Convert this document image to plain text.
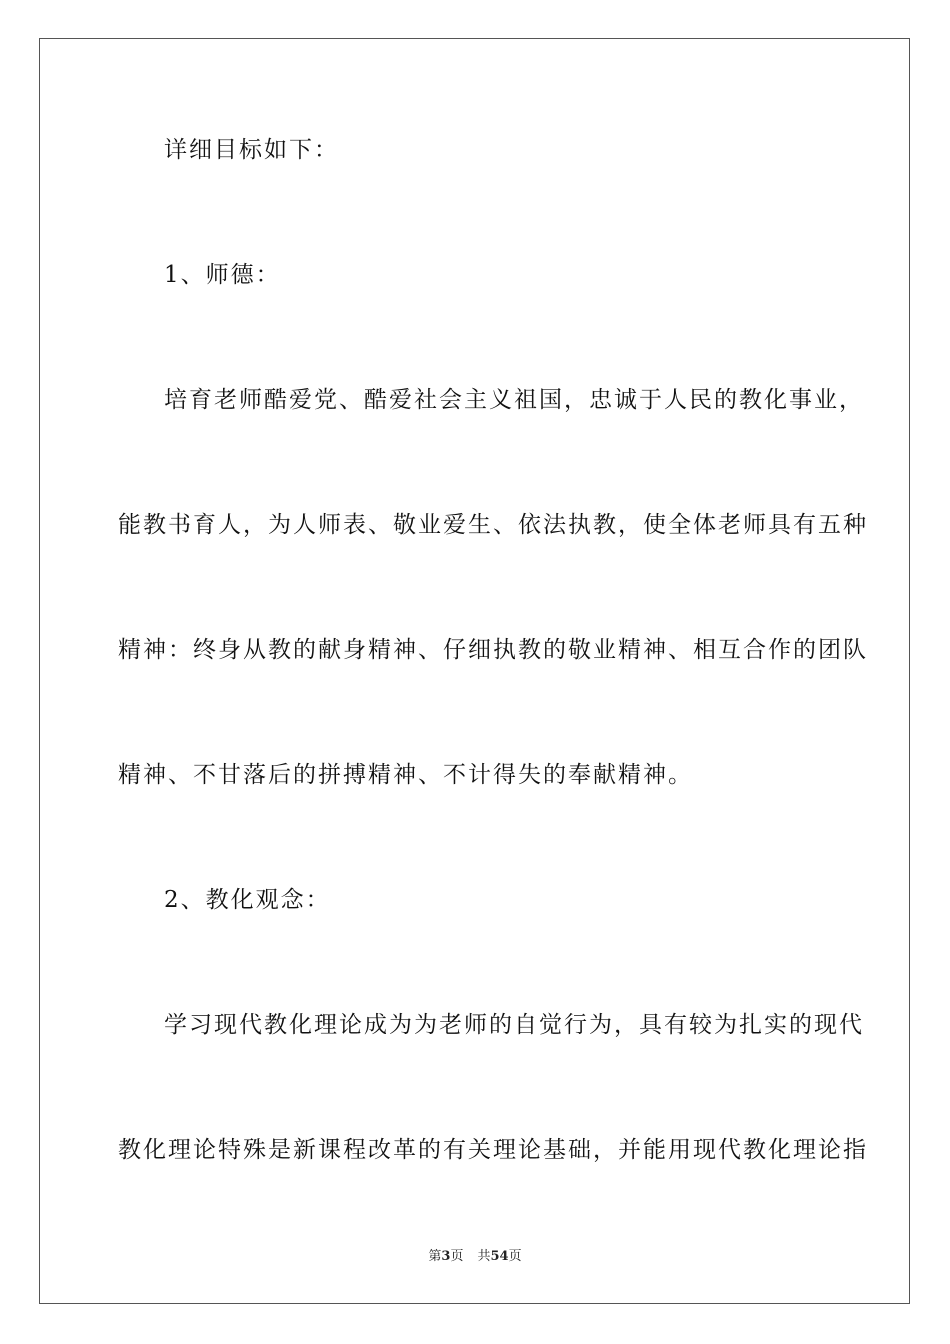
详细目标如下：
1、师德：
培育老师酷爱党、酷爱社会主义祖国，忠诚于人民的教化事业，
能教书育人，为人师表、敬业爱生、依法执教，使全体老师具有五种
精神：终身从教的献身精神、仔细执教的敬业精神、相互合作的团队
精神、不甘落后的拼搏精神、不计得失的奉献精神。
2、教化观念：
学习现代教化理论成为为老师的自觉行为，具有较为扎实的现代
教化理论特殊是新课程改革的有关理论基础，并能用现代教化理论指
第3页 共54页
